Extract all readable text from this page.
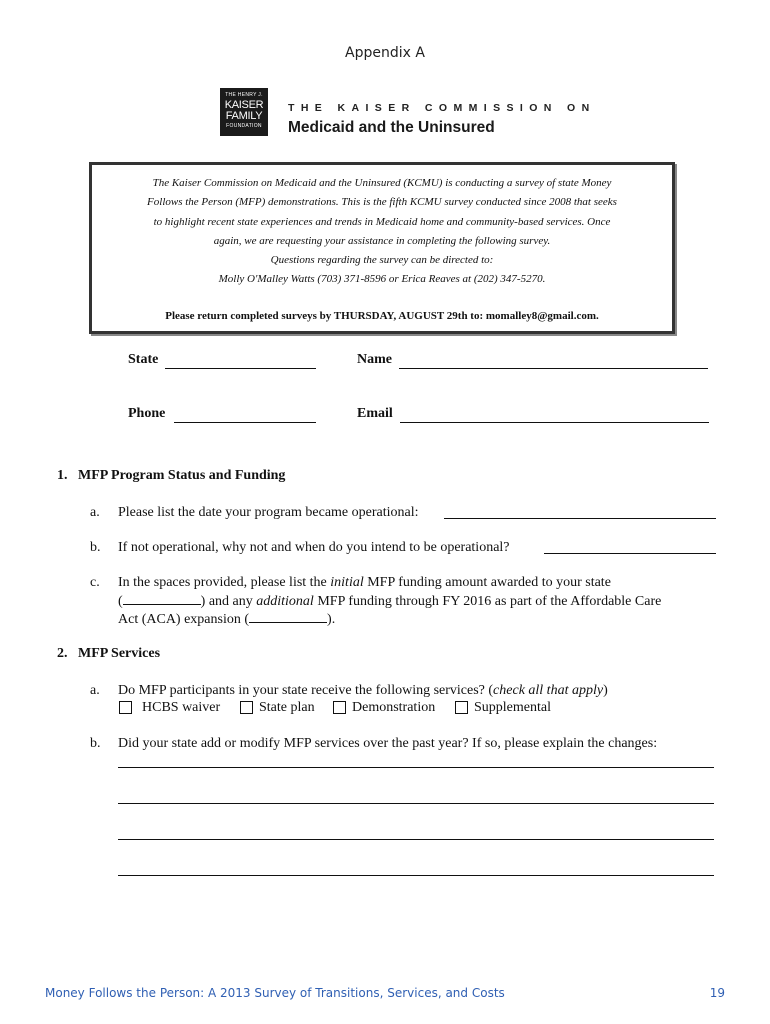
Appendix A
THE HENRY J.
KAISER
FAMILY
FOUNDATION
THE KAISER COMMISSION ON
Medicaid and the Uninsured
The Kaiser Commission on Medicaid and the Uninsured (KCMU) is conducting a survey of state Money
Follows the Person (MFP) demonstrations. This is the fifth KCMU survey conducted since 2008 that seeks
to highlight recent state experiences and trends in Medicaid home and community-based services. Once
again, we are requesting your assistance in completing the following survey.
Questions regarding the survey can be directed to:
Molly O'Malley Watts (703) 371-8596 or Erica Reaves at (202) 347-5270.
Please return completed surveys by THURSDAY, AUGUST 29th to: momalley8@gmail.com.
State	Name
Phone	Email
1.   MFP Program Status and Funding
a. Please list the date your program became operational:
b. If not operational, why not and when do you intend to be operational?
c. In the spaces provided, please list the initial MFP funding amount awarded to your state
(	) and any additional MFP funding through FY 2016 as part of the Affordable Care
Act (ACA) expansion (	).
2.   MFP Services
a. Do MFP participants in your state receive the following services? (check all that apply)
HCBS waiver	State plan	Demonstration	Supplemental
b. Did your state add or modify MFP services over the past year? If so, please explain the changes:
Money Follows the Person: A 2013 Survey of Transitions, Services, and Costs	19
